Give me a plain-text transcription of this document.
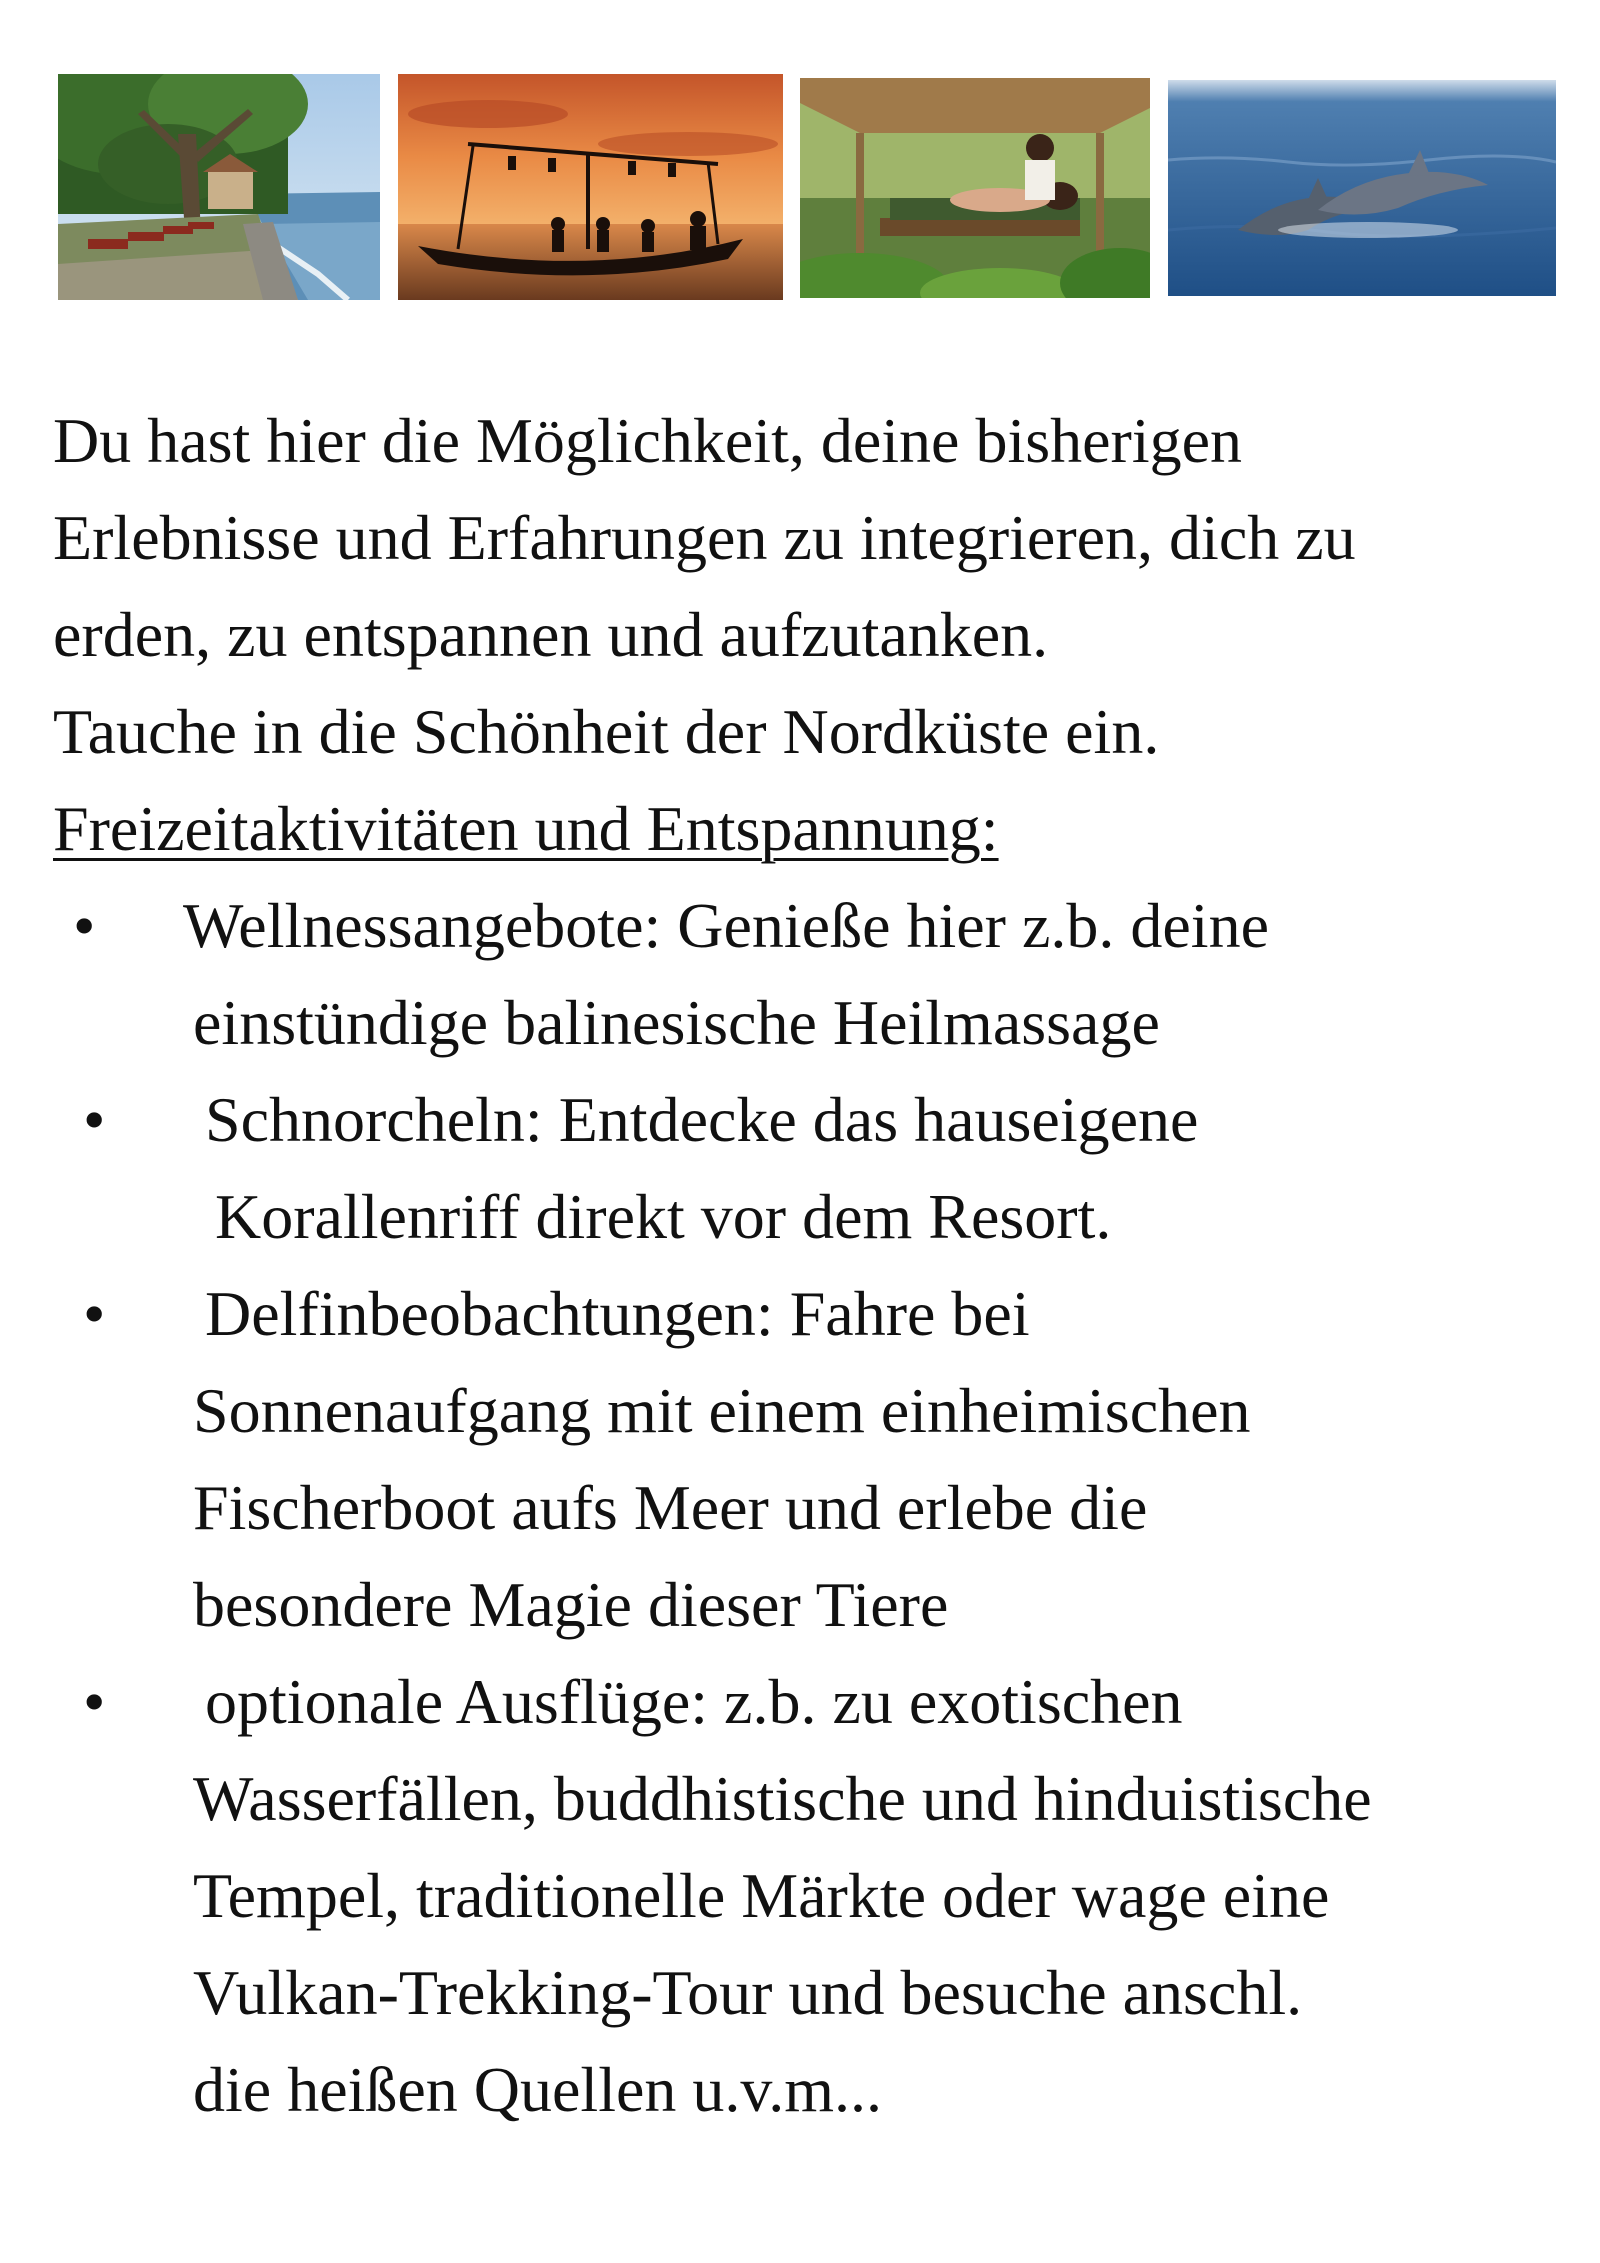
Du hast hier die Möglichkeit, deine bisherigen

Erlebnisse und Erfahrungen zu integrieren, dich zu

erden, zu entspannen und aufzutanken.

Tauche in die Schönheit der Nordküste ein.

Freizeitaktivitäten und Entspannung:

• Wellnessangebote: Genieße hier z.b. deine
einstündige balinesische Heilmassage
• Schnorcheln: Entdecke das hauseigene
Korallenriff direkt vor dem Resort.
• Delfinbeobachtungen: Fahre bei
Sonnenaufgang mit einem einheimischen
Fischerboot aufs Meer und erlebe die
besondere Magie dieser Tiere
• optionale Ausflüge: z.b. zu exotischen
Wasserfällen, buddhistische und hinduistische
Tempel, traditionelle Märkte oder wage eine
Vulkan-Trekking-Tour und besuche anschl.
die heißen Quellen u.v.m...
